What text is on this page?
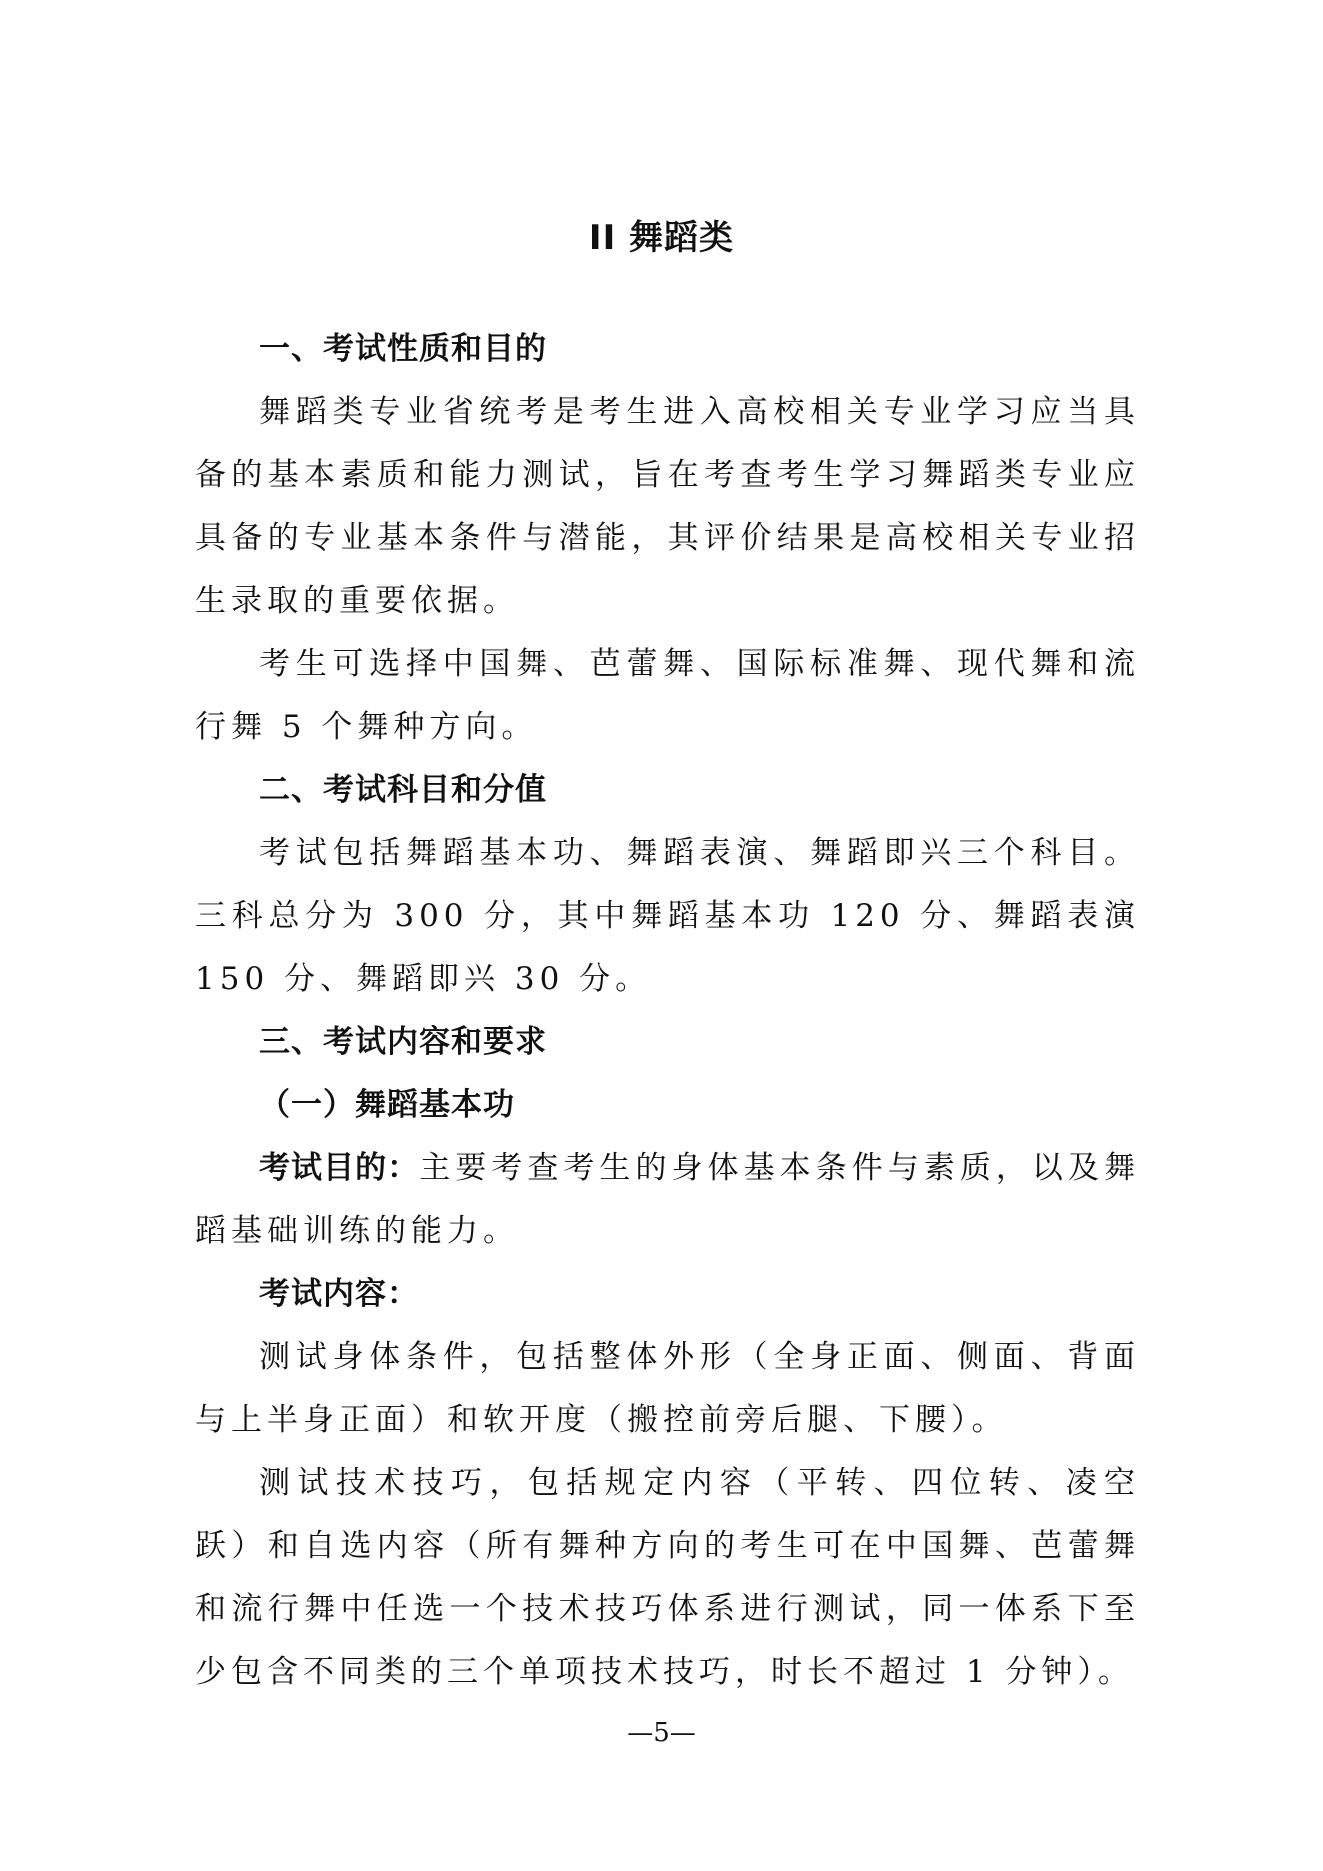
II 舞蹈类
一、考试性质和目的

舞蹈类专业省统考是考生进入高校相关专业学习应当具备的基本素质和能力测试，旨在考查考生学习舞蹈类专业应具备的专业基本条件与潜能，其评价结果是高校相关专业招生录取的重要依据。

考生可选择中国舞、芭蕾舞、国际标准舞、现代舞和流行舞 5 个舞种方向。

二、考试科目和分值

考试包括舞蹈基本功、舞蹈表演、舞蹈即兴三个科目。三科总分为 300 分，其中舞蹈基本功 120 分、舞蹈表演 150 分、舞蹈即兴 30 分。

三、考试内容和要求
（一）舞蹈基本功

考试目的：主要考查考生的身体基本条件与素质，以及舞蹈基础训练的能力。

考试内容：

测试身体条件，包括整体外形（全身正面、侧面、背面与上半身正面）和软开度（搬控前旁后腿、下腰）。

测试技术技巧，包括规定内容（平转、四位转、凌空跃）和自选内容（所有舞种方向的考生可在中国舞、芭蕾舞和流行舞中任选一个技术技巧体系进行测试，同一体系下至少包含不同类的三个单项技术技巧，时长不超过 1 分钟）。

—5—
